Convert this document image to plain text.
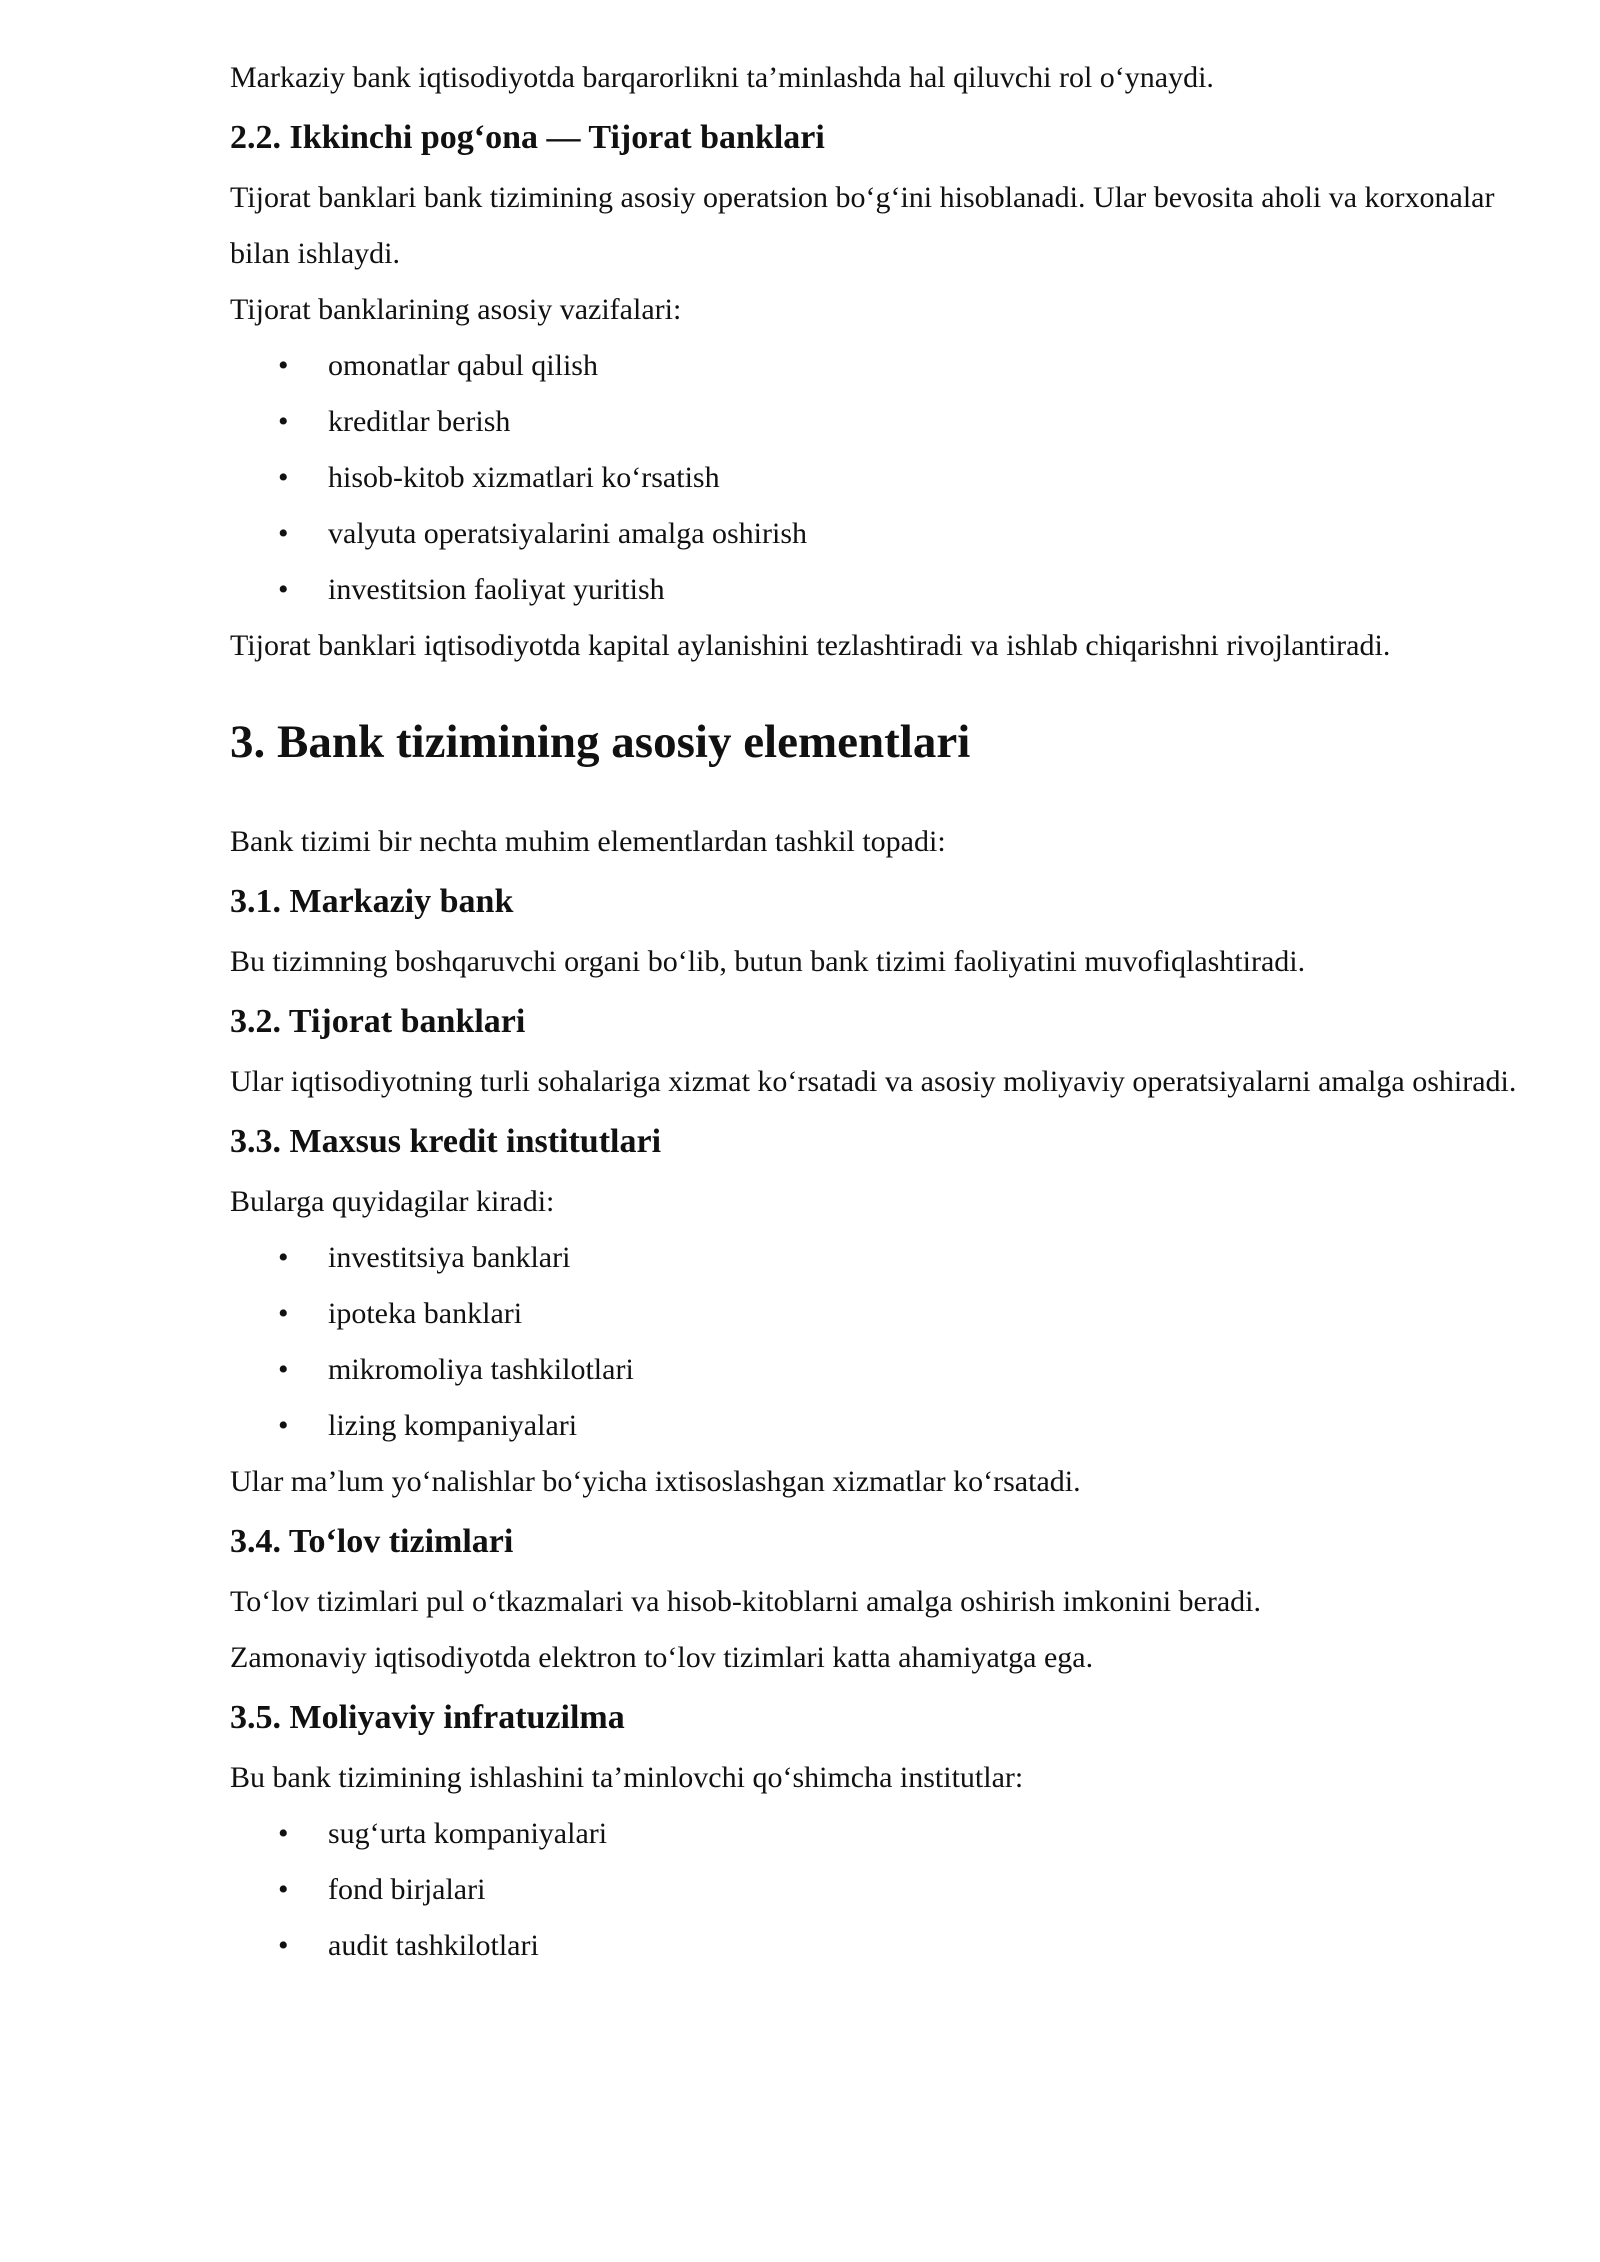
Markaziy bank iqtisodiyotda barqarorlikni ta’minlashda hal qiluvchi rol o‘ynaydi.

2.2. Ikkinchi pog‘ona — Tijorat banklari

Tijorat banklari bank tizimining asosiy operatsion bo‘g‘ini hisoblanadi. Ular bevosita aholi va korxonalar bilan ishlaydi.

Tijorat banklarining asosiy vazifalari:

• omonatlar qabul qilish
• kreditlar berish
• hisob-kitob xizmatlari ko‘rsatish
• valyuta operatsiyalarini amalga oshirish
• investitsion faoliyat yuritish

Tijorat banklari iqtisodiyotda kapital aylanishini tezlashtiradi va ishlab chiqarishni rivojlantiradi.

3. Bank tizimining asosiy elementlari

Bank tizimi bir nechta muhim elementlardan tashkil topadi:

3.1. Markaziy bank

Bu tizimning boshqaruvchi organi bo‘lib, butun bank tizimi faoliyatini muvofiqlashtiradi.

3.2. Tijorat banklari

Ular iqtisodiyotning turli sohalariga xizmat ko‘rsatadi va asosiy moliyaviy operatsiyalarni amalga oshiradi.

3.3. Maxsus kredit institutlari

Bularga quyidagilar kiradi:

• investitsiya banklari
• ipoteka banklari
• mikromoliya tashkilotlari
• lizing kompaniyalari

Ular ma’lum yo‘nalishlar bo‘yicha ixtisoslashgan xizmatlar ko‘rsatadi.

3.4. To‘lov tizimlari

To‘lov tizimlari pul o‘tkazmalari va hisob-kitoblarni amalga oshirish imkonini beradi.

Zamonaviy iqtisodiyotda elektron to‘lov tizimlari katta ahamiyatga ega.

3.5. Moliyaviy infratuzilma

Bu bank tizimining ishlashini ta’minlovchi qo‘shimcha institutlar:

• sug‘urta kompaniyalari
• fond birjalari
• audit tashkilotlari
